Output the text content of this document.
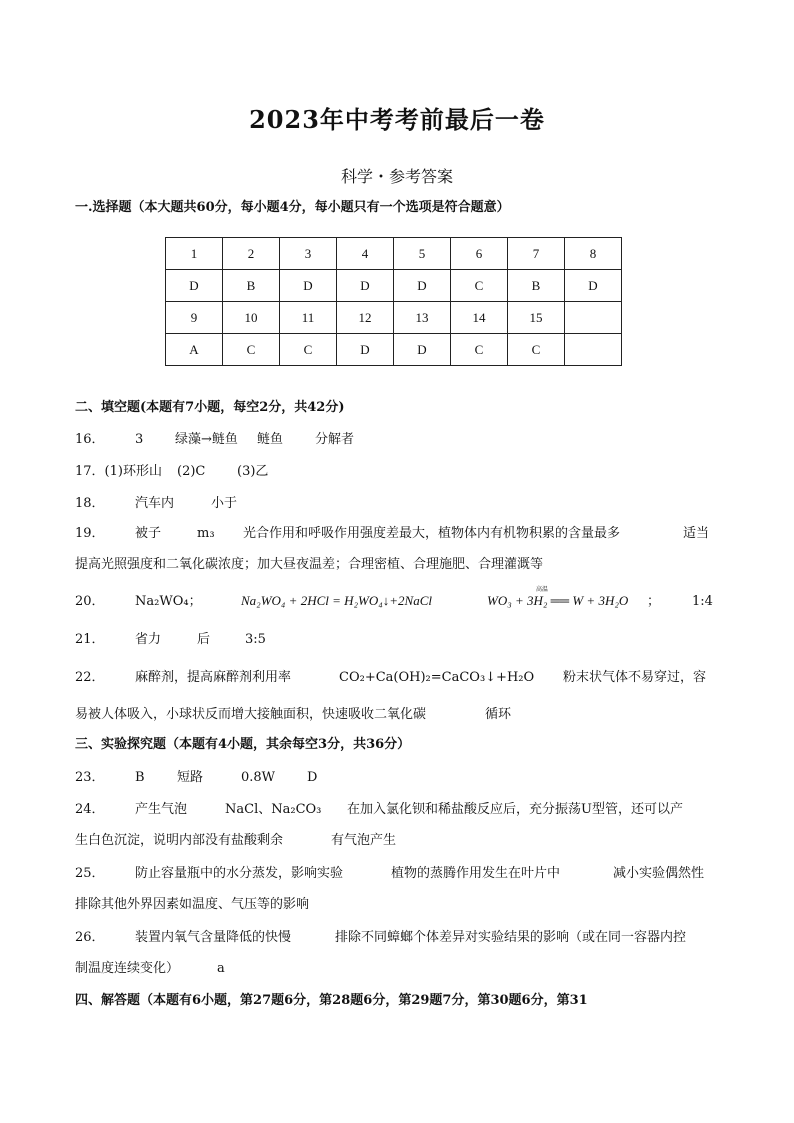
2023年中考考前最后一卷
科学・参考答案
一.选择题（本大题共60分，每小题4分，每小题只有一个选项是符合题意）
1	2	3	4	5	6	7	8
D	B	D	D	D	C	B	D
9	10	11	12	13	14	15	
A	C	C	D	D	C	C	
二、填空题(本题有7小题，每空2分，共42分)
16． 3 绿藻→鲢鱼 鲢鱼 分解者
17．(1)环形山 (2)C (3)乙
18． 汽车内	小于
19． 被子	m₃ 光合作用和呼吸作用强度差最大，植物体内有机物积累的含量最多	适当
提高光照强度和二氧化碳浓度；加大昼夜温差；合理密植、合理施肥、合理灌溉等
20． Na₂WO₄；	Na₂WO₄ + 2HCl = H₂WO₄↓+2NaCl
高温
WO₃ + 3H₂ ══ W + 3H₂O ； 1:4
21． 省力	后	3:5
22． 麻醉剂，提高麻醉剂利用率	CO₂+Ca(OH)₂=CaCO₃↓+H₂O 粉末状气体不易穿过，容
易被人体吸入，小球状反而增大接触面积，快速吸收二氧化碳	循环
三、实验探究题（本题有4小题，其余每空3分，共36分）
23． B 短路	0.8W D
24． 产生气泡	NaCl、Na₂CO₃ 在加入氯化钡和稀盐酸反应后，充分振荡U型管，还可以产
生白色沉淀，说明内部没有盐酸剩余	有气泡产生
25． 防止容量瓶中的水分蒸发，影响实验	植物的蒸腾作用发生在叶片中	减小实验偶然性
排除其他外界因素如温度、气压等的影响
26． 装置内氧气含量降低的快慢	排除不同蟑螂个体差异对实验结果的影响（或在同一容器内控
制温度连续变化）	a
四、解答题（本题有6小题，第27题6分，第28题6分，第29题7分，第30题6分，第31
